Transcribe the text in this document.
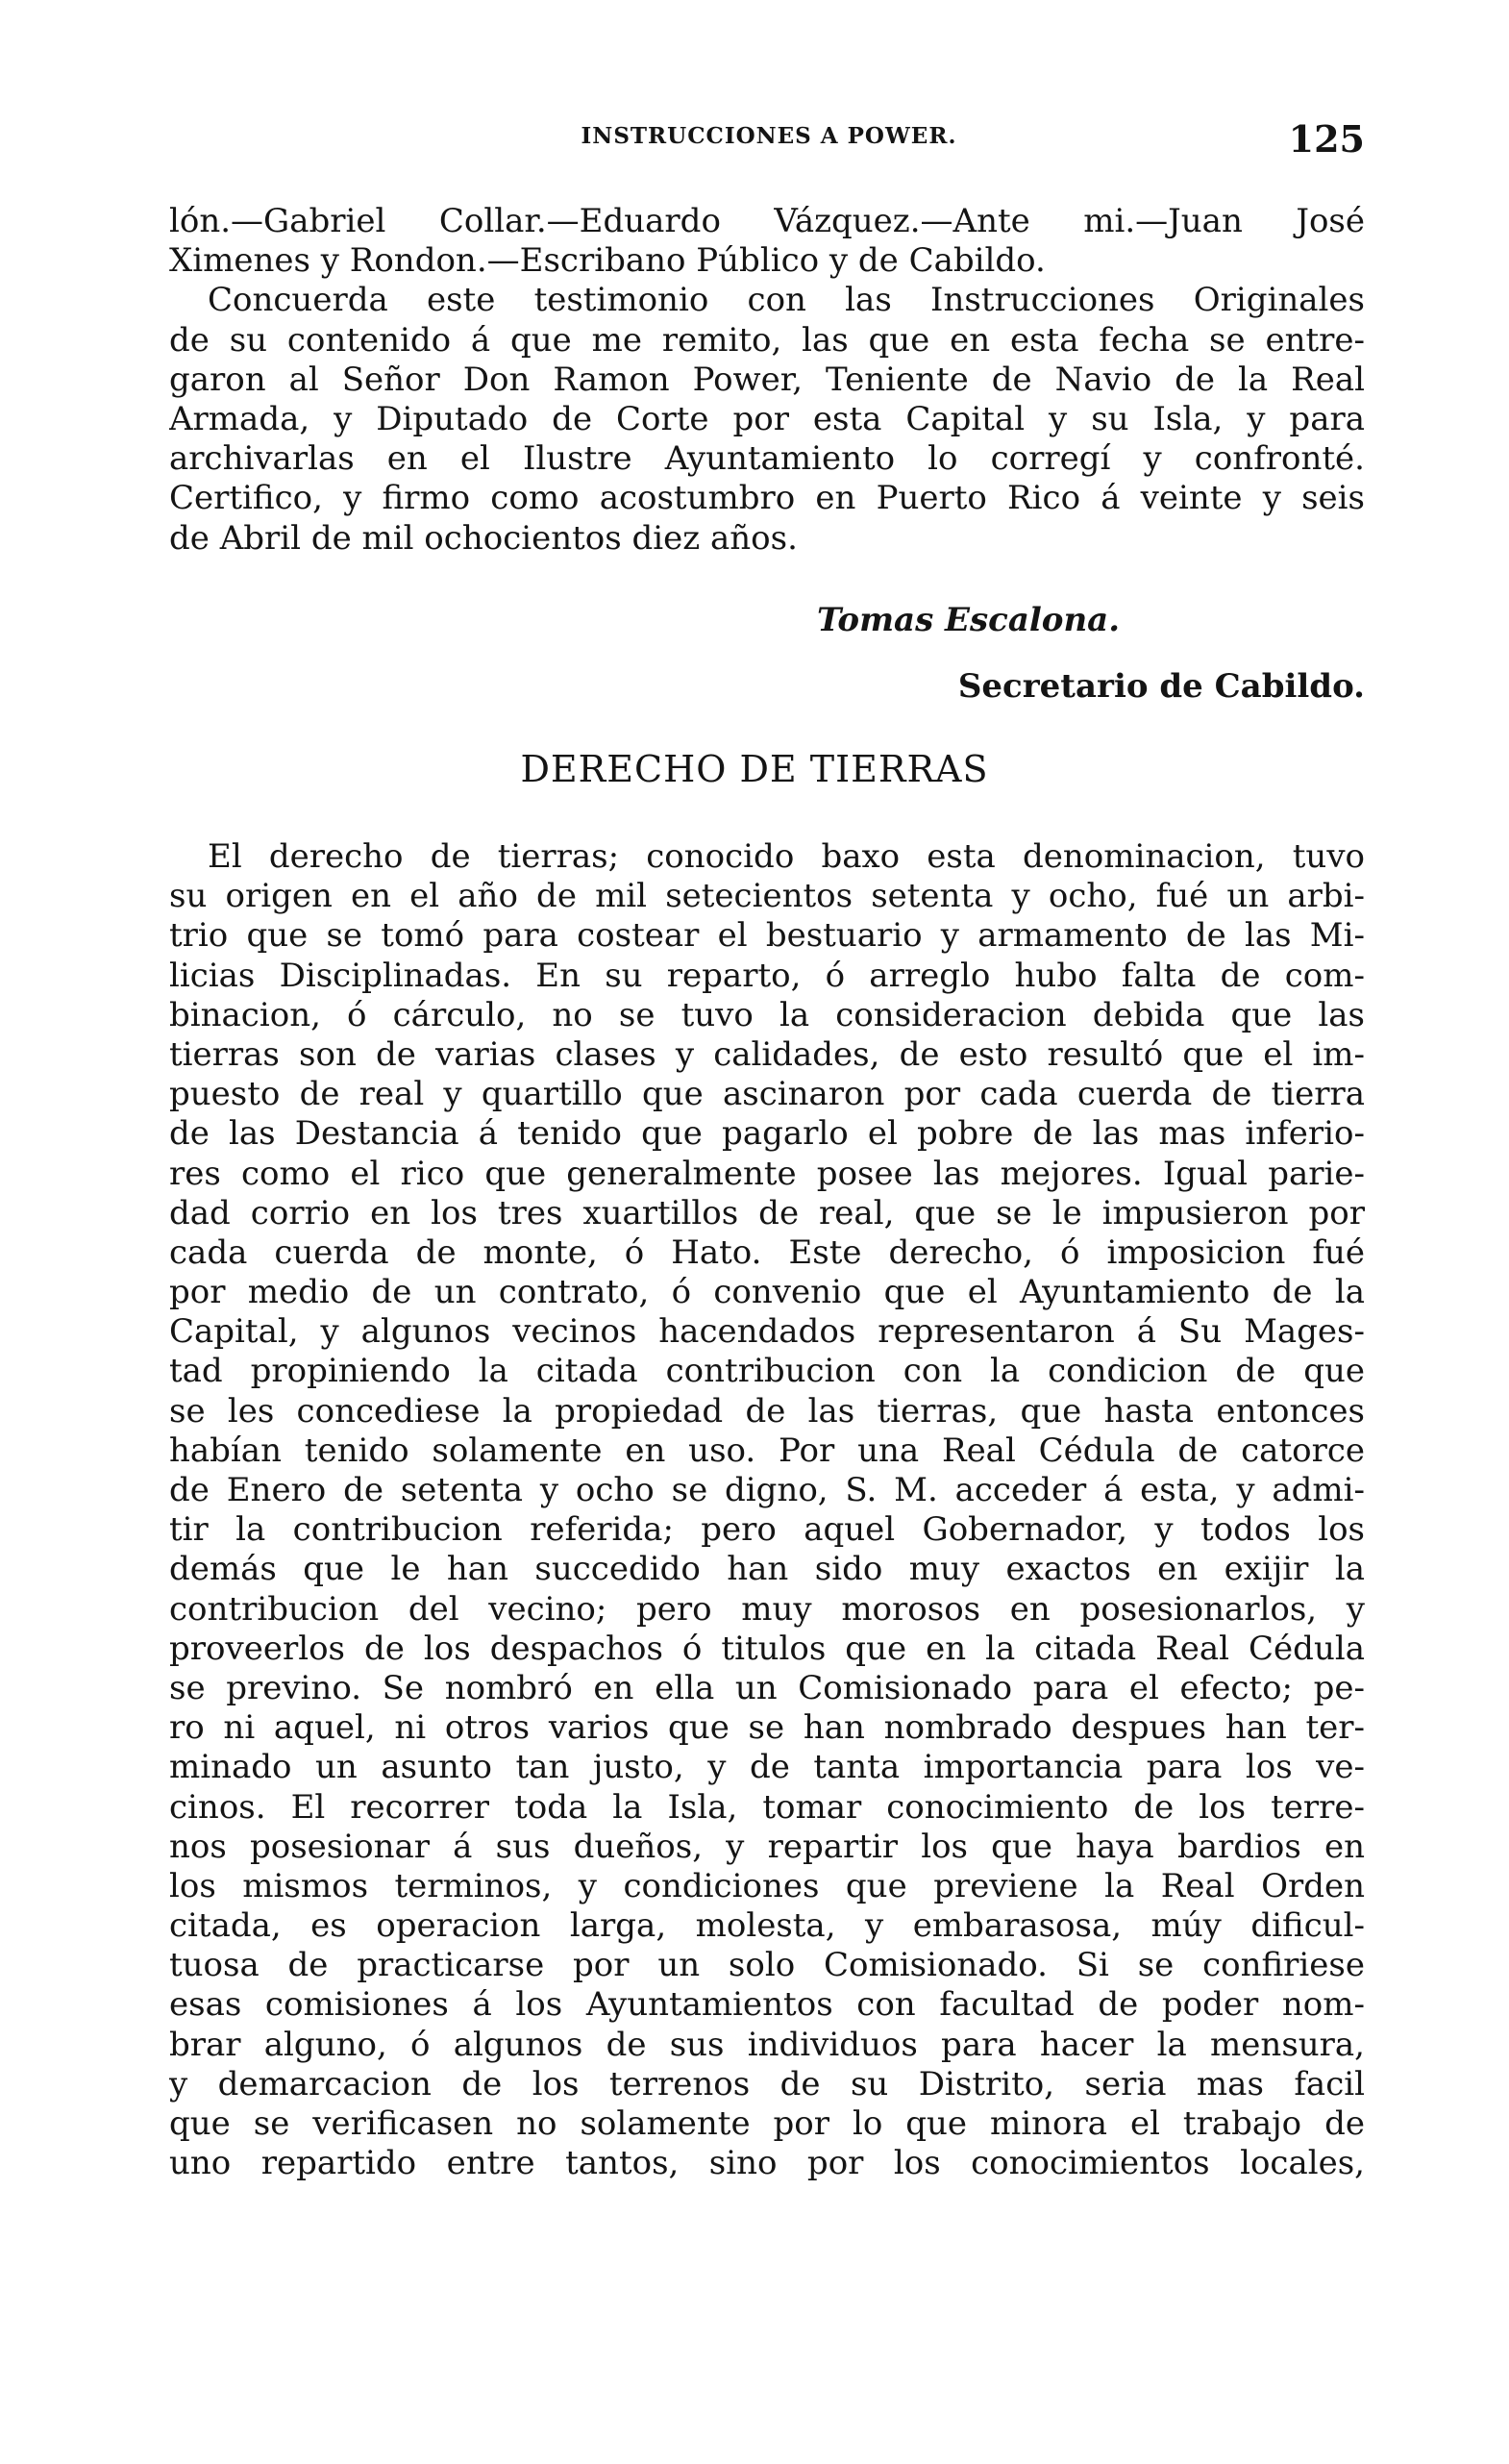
INSTRUCCIONES A POWER.	125
lón.—Gabriel Collar.—Eduardo Vázquez.—Ante mi.—Juan José
Ximenes y Rondon.—Escribano Público y de Cabildo.
Concuerda este testimonio con las Instrucciones Originales
de su contenido á que me remito, las que en esta fecha se entre-
garon al Señor Don Ramon Power, Teniente de Navio de la Real
Armada, y Diputado de Corte por esta Capital y su Isla, y para
archivarlas en el Ilustre Ayuntamiento lo corregí y confronté.
Certifico, y firmo como acostumbro en Puerto Rico á veinte y seis
de Abril de mil ochocientos diez años.
Tomas Escalona.
Secretario de Cabildo.
DERECHO DE TIERRAS
El derecho de tierras; conocido baxo esta denominacion, tuvo
su origen en el año de mil setecientos setenta y ocho, fué un arbi-
trio que se tomó para costear el bestuario y armamento de las Mi-
licias Disciplinadas. En su reparto, ó arreglo hubo falta de com-
binacion, ó cárculo, no se tuvo la consideracion debida que las
tierras son de varias clases y calidades, de esto resultó que el im-
puesto de real y quartillo que ascinaron por cada cuerda de tierra
de las Destancia á tenido que pagarlo el pobre de las mas inferio-
res como el rico que generalmente posee las mejores. Igual parie-
dad corrio en los tres xuartillos de real, que se le impusieron por
cada cuerda de monte, ó Hato. Este derecho, ó imposicion fué
por medio de un contrato, ó convenio que el Ayuntamiento de la
Capital, y algunos vecinos hacendados representaron á Su Mages-
tad propiniendo la citada contribucion con la condicion de que
se les concediese la propiedad de las tierras, que hasta entonces
habían tenido solamente en uso. Por una Real Cédula de catorce
de Enero de setenta y ocho se digno, S. M. acceder á esta, y admi-
tir la contribucion referida; pero aquel Gobernador, y todos los
demás que le han succedido han sido muy exactos en exijir la
contribucion del vecino; pero muy morosos en posesionarlos, y
proveerlos de los despachos ó titulos que en la citada Real Cédula
se previno. Se nombró en ella un Comisionado para el efecto; pe-
ro ni aquel, ni otros varios que se han nombrado despues han ter-
minado un asunto tan justo, y de tanta importancia para los ve-
cinos. El recorrer toda la Isla, tomar conocimiento de los terre-
nos posesionar á sus dueños, y repartir los que haya bardios en
los mismos terminos, y condiciones que previene la Real Orden
citada, es operacion larga, molesta, y embarasosa, múy dificul-
tuosa de practicarse por un solo Comisionado. Si se confiriese
esas comisiones á los Ayuntamientos con facultad de poder nom-
brar alguno, ó algunos de sus individuos para hacer la mensura,
y demarcacion de los terrenos de su Distrito, seria mas facil
que se verificasen no solamente por lo que minora el trabajo de
uno repartido entre tantos, sino por los conocimientos locales,
